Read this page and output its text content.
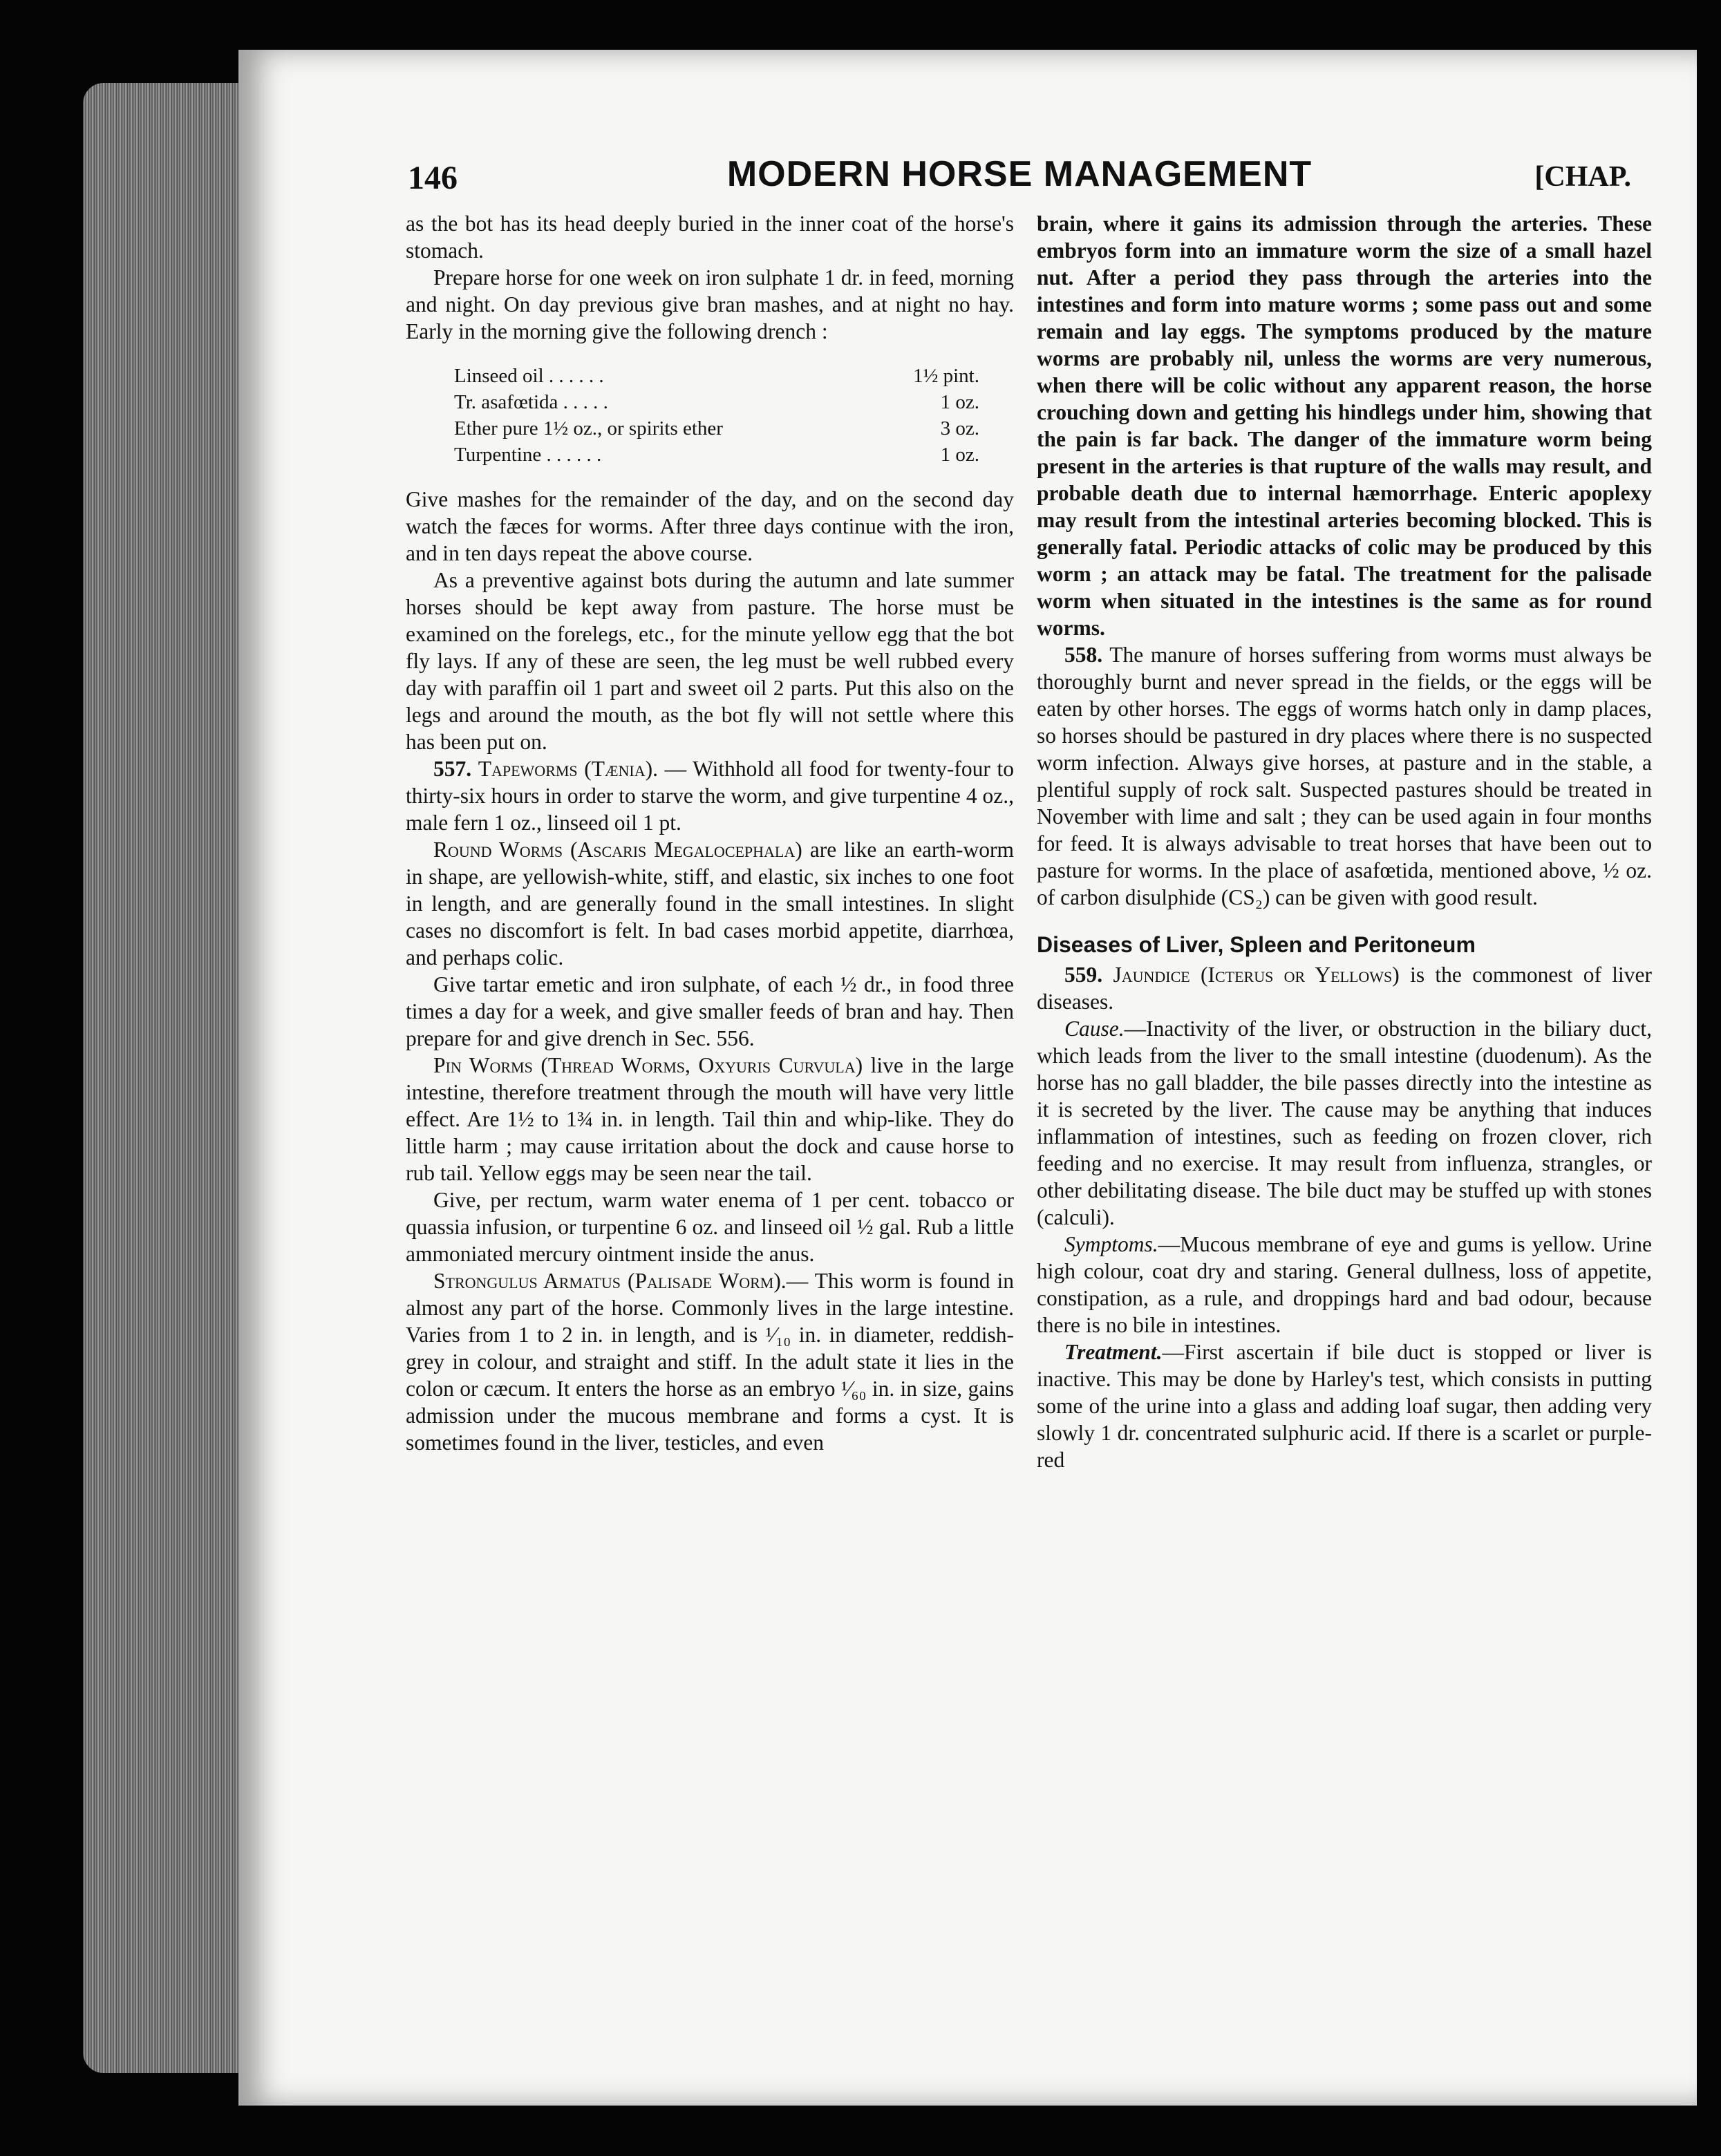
146	MODERN HORSE MANAGEMENT	[CHAP.

as the bot has its head deeply buried in the inner coat of the horse's stomach.

Prepare horse for one week on iron sulphate 1 dr. in feed, morning and night. On day previous give bran mashes, and at night no hay. Early in the morning give the following drench :

Linseed oil . . . . . .	1½ pint.
Tr. asafœtida . . . . .	1 oz.
Ether pure 1½ oz., or spirits ether	3 oz.
Turpentine . . . . . .	1 oz.

Give mashes for the remainder of the day, and on the second day watch the fæces for worms. After three days continue with the iron, and in ten days repeat the above course.

As a preventive against bots during the autumn and late summer horses should be kept away from pasture. The horse must be examined on the forelegs, etc., for the minute yellow egg that the bot fly lays. If any of these are seen, the leg must be well rubbed every day with paraffin oil 1 part and sweet oil 2 parts. Put this also on the legs and around the mouth, as the bot fly will not settle where this has been put on.

557. Tapeworms (Tænia). — Withhold all food for twenty-four to thirty-six hours in order to starve the worm, and give turpentine 4 oz., male fern 1 oz., linseed oil 1 pt.

Round Worms (Ascaris Megalocephala) are like an earth-worm in shape, are yellowish-white, stiff, and elastic, six inches to one foot in length, and are generally found in the small intestines. In slight cases no discomfort is felt. In bad cases morbid appetite, diarrhœa, and perhaps colic.

Give tartar emetic and iron sulphate, of each ½ dr., in food three times a day for a week, and give smaller feeds of bran and hay. Then prepare for and give drench in Sec. 556.

Pin Worms (Thread Worms, Oxyuris Curvula) live in the large intestine, therefore treatment through the mouth will have very little effect. Are 1½ to 1¾ in. in length. Tail thin and whip-like. They do little harm ; may cause irritation about the dock and cause horse to rub tail. Yellow eggs may be seen near the tail.

Give, per rectum, warm water enema of 1 per cent. tobacco or quassia infusion, or turpentine 6 oz. and linseed oil ½ gal. Rub a little ammoniated mercury ointment inside the anus.

Strongulus Armatus (Palisade Worm).— This worm is found in almost any part of the horse. Commonly lives in the large intestine. Varies from 1 to 2 in. in length, and is ¹⁄₁₀ in. in diameter, reddish-grey in colour, and straight and stiff. In the adult state it lies in the colon or cæcum. It enters the horse as an embryo ¹⁄₆₀ in. in size, gains admission under the mucous membrane and forms a cyst. It is sometimes found in the liver, testicles, and even

brain, where it gains its admission through the arteries. These embryos form into an immature worm the size of a small hazel nut. After a period they pass through the arteries into the intestines and form into mature worms ; some pass out and some remain and lay eggs. The symptoms produced by the mature worms are probably nil, unless the worms are very numerous, when there will be colic without any apparent reason, the horse crouching down and getting his hindlegs under him, showing that the pain is far back. The danger of the immature worm being present in the arteries is that rupture of the walls may result, and probable death due to internal hæmorrhage. Enteric apoplexy may result from the intestinal arteries becoming blocked. This is generally fatal. Periodic attacks of colic may be produced by this worm ; an attack may be fatal. The treatment for the palisade worm when situated in the intestines is the same as for round worms.

558. The manure of horses suffering from worms must always be thoroughly burnt and never spread in the fields, or the eggs will be eaten by other horses. The eggs of worms hatch only in damp places, so horses should be pastured in dry places where there is no suspected worm infection. Always give horses, at pasture and in the stable, a plentiful supply of rock salt. Suspected pastures should be treated in November with lime and salt ; they can be used again in four months for feed. It is always advisable to treat horses that have been out to pasture for worms. In the place of asafœtida, mentioned above, ½ oz. of carbon disulphide (CS₂) can be given with good result.

Diseases of Liver, Spleen and Peritoneum

559. Jaundice (Icterus or Yellows) is the commonest of liver diseases.

Cause.—Inactivity of the liver, or obstruction in the biliary duct, which leads from the liver to the small intestine (duodenum). As the horse has no gall bladder, the bile passes directly into the intestine as it is secreted by the liver. The cause may be anything that induces inflammation of intestines, such as feeding on frozen clover, rich feeding and no exercise. It may result from influenza, strangles, or other debilitating disease. The bile duct may be stuffed up with stones (calculi).

Symptoms.—Mucous membrane of eye and gums is yellow. Urine high colour, coat dry and staring. General dullness, loss of appetite, constipation, as a rule, and droppings hard and bad odour, because there is no bile in intestines.

Treatment.—First ascertain if bile duct is stopped or liver is inactive. This may be done by Harley's test, which consists in putting some of the urine into a glass and adding loaf sugar, then adding very slowly 1 dr. concentrated sulphuric acid. If there is a scarlet or purple-red
